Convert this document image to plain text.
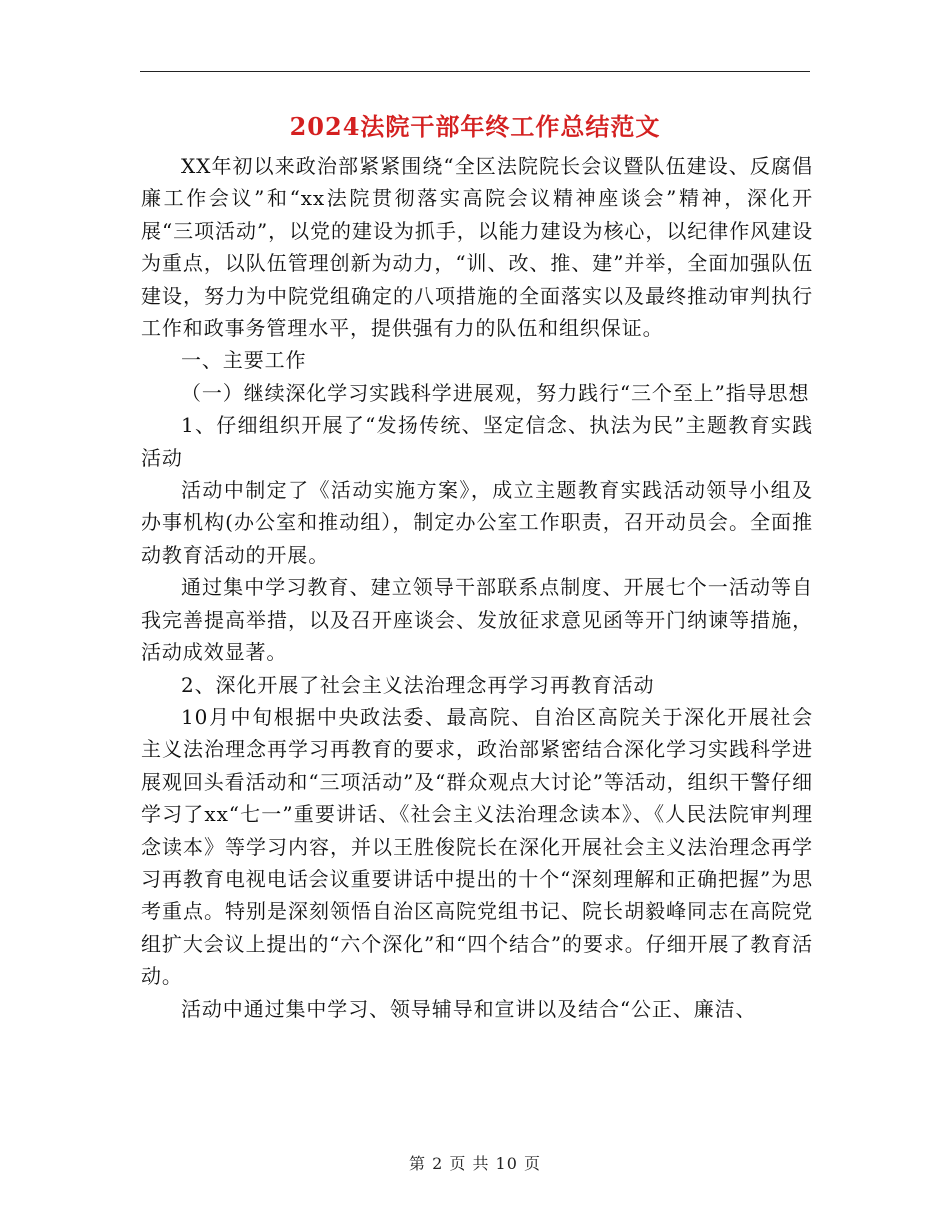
2024法院干部年终工作总结范文

XX年初以来政治部紧紧围绕“全区法院院长会议暨队伍建设、反腐倡廉工作会议”和“xx法院贯彻落实高院会议精神座谈会”精神，深化开展“三项活动”，以党的建设为抓手，以能力建设为核心，以纪律作风建设为重点，以队伍管理创新为动力，“训、改、推、建”并举，全面加强队伍建设，努力为中院党组确定的八项措施的全面落实以及最终推动审判执行工作和政事务管理水平，提供强有力的队伍和组织保证。

一、主要工作

（一）继续深化学习实践科学进展观，努力践行“三个至上”指导思想

1、仔细组织开展了“发扬传统、坚定信念、执法为民”主题教育实践活动

活动中制定了《活动实施方案》，成立主题教育实践活动领导小组及办事机构(办公室和推动组），制定办公室工作职责，召开动员会。全面推动教育活动的开展。

通过集中学习教育、建立领导干部联系点制度、开展七个一活动等自我完善提高举措，以及召开座谈会、发放征求意见函等开门纳谏等措施，活动成效显著。

2、深化开展了社会主义法治理念再学习再教育活动

10月中旬根据中央政法委、最高院、自治区高院关于深化开展社会主义法治理念再学习再教育的要求，政治部紧密结合深化学习实践科学进展观回头看活动和“三项活动”及“群众观点大讨论”等活动，组织干警仔细学习了xx“七一”重要讲话、《社会主义法治理念读本》、《人民法院审判理念读本》等学习内容，并以王胜俊院长在深化开展社会主义法治理念再学习再教育电视电话会议重要讲话中提出的十个“深刻理解和正确把握”为思考重点。特别是深刻领悟自治区高院党组书记、院长胡毅峰同志在高院党组扩大会议上提出的“六个深化”和“四个结合”的要求。仔细开展了教育活动。

活动中通过集中学习、领导辅导和宣讲以及结合“公正、廉洁、

第 2 页 共 10 页
